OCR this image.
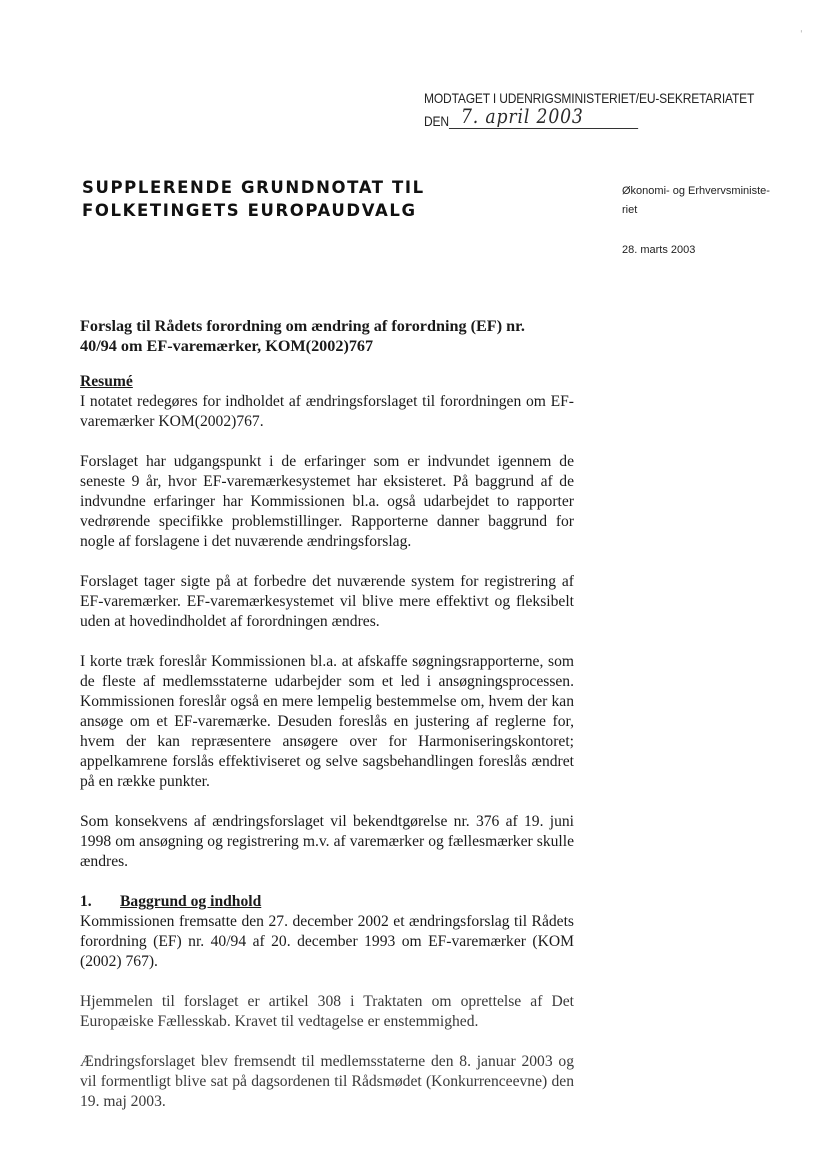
ˈ
MODTAGET I UDENRIGSMINISTERIET/EU-SEKRETARIATET
DEN 7. april 2003
SUPPLERENDE GRUNDNOTAT TIL
FOLKETINGETS EUROPAUDVALG
Økonomi- og Erhvervsministe-
riet
28. marts 2003
Forslag til Rådets forordning om ændring af forordning (EF) nr.
40/94 om EF-varemærker, KOM(2002)767
Resumé

I notatet redegøres for indholdet af ændringsforslaget til forordningen om EF-varemærker KOM(2002)767.

Forslaget har udgangspunkt i de erfaringer som er indvundet igennem de seneste 9 år, hvor EF-varemærkesystemet har eksisteret. På baggrund af de indvundne erfaringer har Kommissionen bl.a. også udarbejdet to rapporter vedrørende specifikke problemstillinger. Rapporterne danner baggrund for nogle af forslagene i det nuværende ændringsforslag.

Forslaget tager sigte på at forbedre det nuværende system for registrering af EF-varemærker. EF-varemærkesystemet vil blive mere effektivt og fleksibelt uden at hovedindholdet af forordningen ændres.

I korte træk foreslår Kommissionen bl.a. at afskaffe søgningsrapporterne, som de fleste af medlemsstaterne udarbejder som et led i ansøgningsprocessen. Kommissionen foreslår også en mere lempelig bestemmelse om, hvem der kan ansøge om et EF-varemærke. Desuden foreslås en justering af reglerne for, hvem der kan repræsentere ansøgere over for Harmoniseringskontoret; appelkamrene forslås effektiviseret og selve sagsbehandlingen foreslås ændret på en række punkter.

Som konsekvens af ændringsforslaget vil bekendtgørelse nr. 376 af 19. juni 1998 om ansøgning og registrering m.v. af varemærker og fællesmærker skulle ændres.

1.	Baggrund og indhold

Kommissionen fremsatte den 27. december 2002 et ændringsforslag til Rådets forordning (EF) nr. 40/94 af 20. december 1993 om EF-varemærker (KOM (2002) 767).

Hjemmelen til forslaget er artikel 308 i Traktaten om oprettelse af Det Europæiske Fællesskab. Kravet til vedtagelse er enstemmighed.

Ændringsforslaget blev fremsendt til medlemsstaterne den 8. januar 2003 og vil formentligt blive sat på dagsordenen til Rådsmødet (Konkurrenceevne) den 19. maj 2003.
